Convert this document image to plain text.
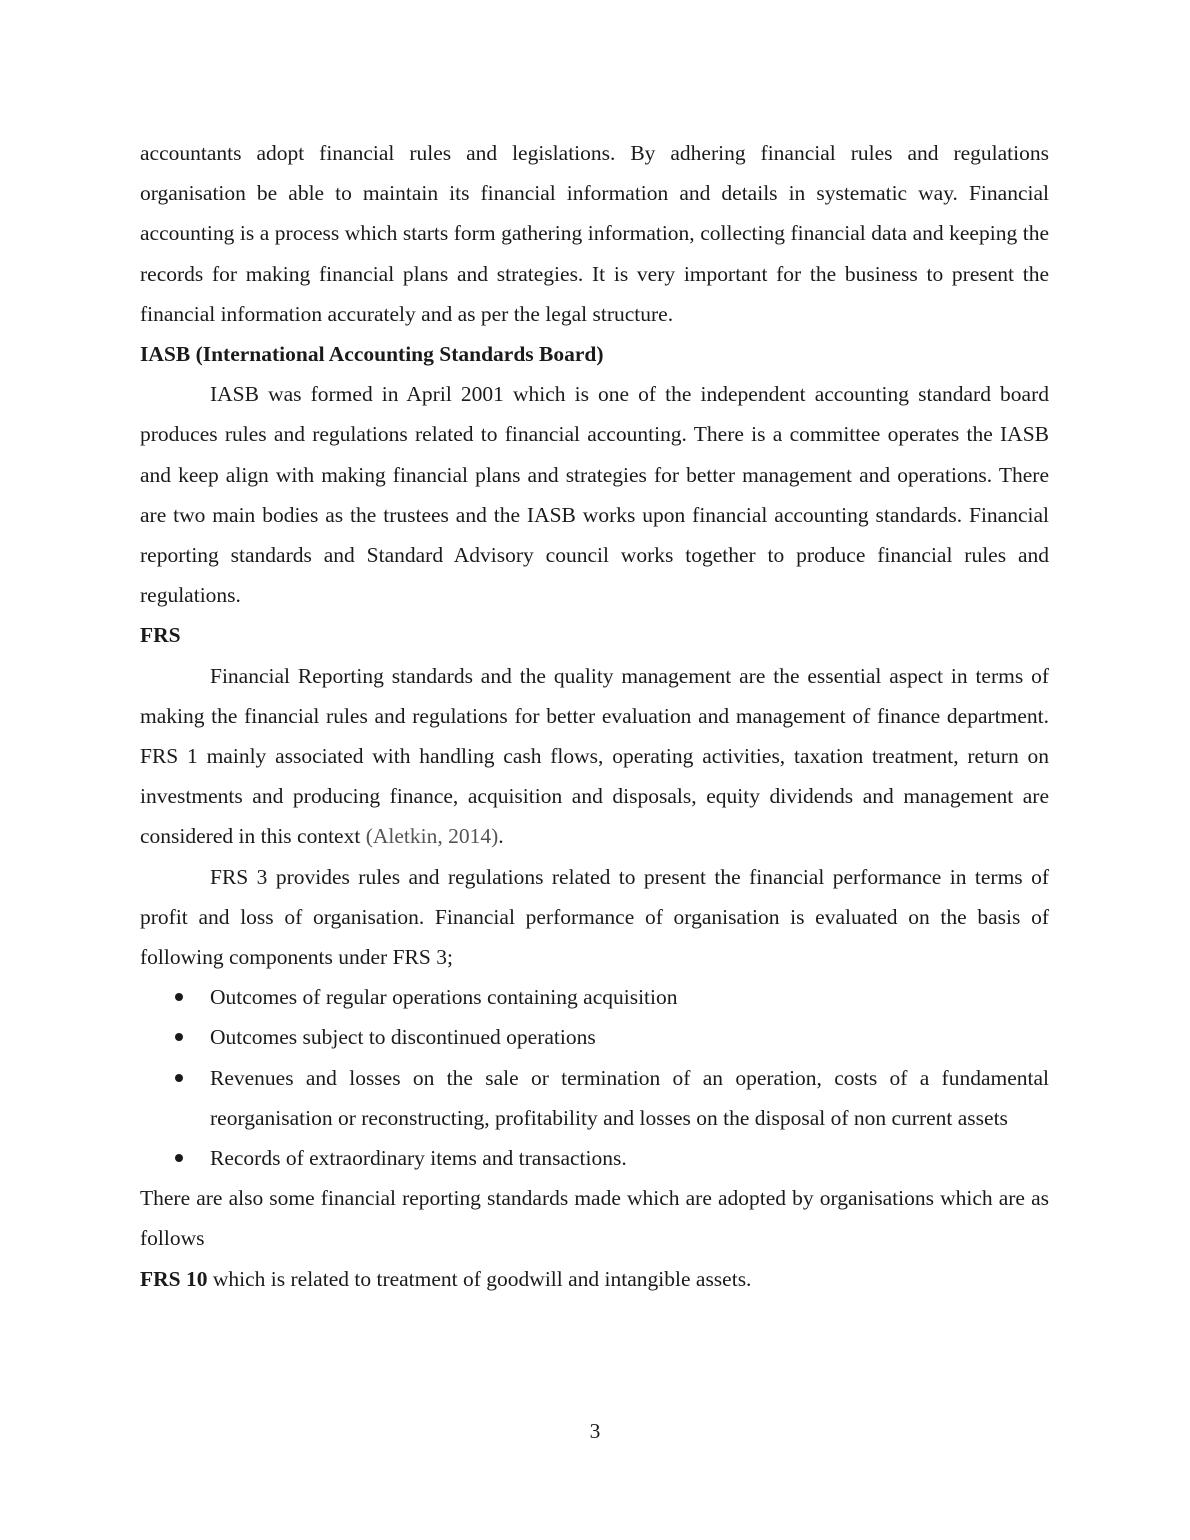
accountants adopt financial rules and legislations. By adhering financial rules and regulations organisation be able to maintain its financial information and details in systematic way. Financial accounting is a process which starts form gathering information, collecting financial data and keeping the records for making financial plans and strategies. It is very important for the business to present the financial information accurately and as per the legal structure.

IASB (International Accounting Standards Board)

IASB was formed in April 2001 which is one of the independent accounting standard board produces rules and regulations related to financial accounting. There is a committee operates the IASB and keep align with making financial plans and strategies for better management and operations. There are two main bodies as the trustees and the IASB works upon financial accounting standards. Financial reporting standards and Standard Advisory council works together to produce financial rules and regulations.

FRS

Financial Reporting standards and the quality management are the essential aspect in terms of making the financial rules and regulations for better evaluation and management of finance department. FRS 1 mainly associated with handling cash flows, operating activities, taxation treatment, return on investments and producing finance, acquisition and disposals, equity dividends and management are considered in this context (Aletkin, 2014).

FRS 3 provides rules and regulations related to present the financial performance in terms of profit and loss of organisation. Financial performance of organisation is evaluated on the basis of following components under FRS 3;

Outcomes of regular operations containing acquisition
Outcomes subject to discontinued operations
Revenues and losses on the sale or termination of an operation, costs of a fundamental reorganisation or reconstructing, profitability and losses on the disposal of non current assets
Records of extraordinary items and transactions.

There are also some financial reporting standards made which are adopted by organisations which are as follows

FRS 10 which is related to treatment of goodwill and intangible assets.

3
